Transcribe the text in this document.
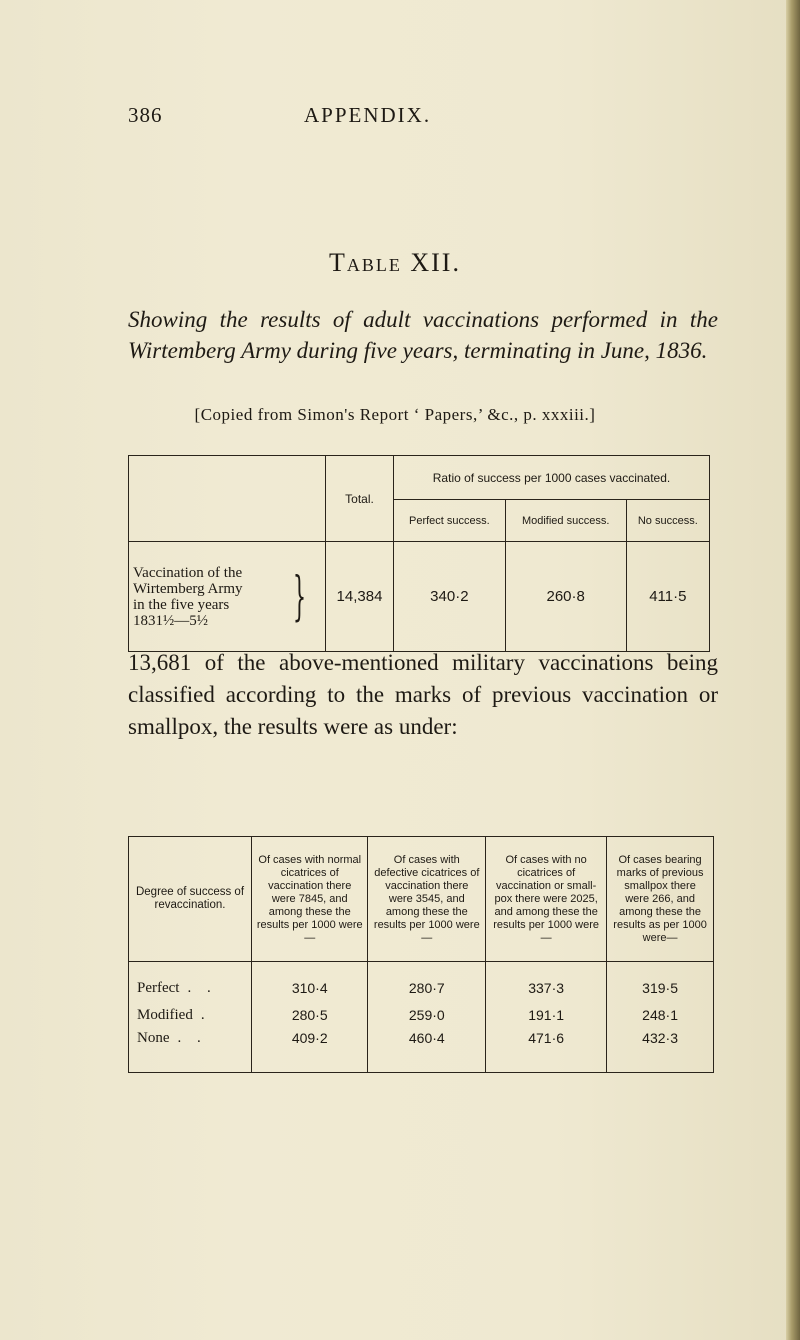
386	APPENDIX.
Table XII.
Showing the results of adult vaccinations performed in the Wirtemberg Army during five years, terminating in June, 1836.
[Copied from Simon's Report ‘ Papers,’ &c., p. xxxiii.]
	Total.	Ratio of success per 1000 cases vaccinated.		
		Perfect success.	Modified success.	No success.
Vaccination of the
Wirtemberg Army
in the five years
1831½—5½ }	14,384	340·2	260·8	411·5
13,681 of the above-mentioned military vaccinations being classified according to the marks of previous vaccination or smallpox, the results were as under:
Degree of success of revaccination.	Of cases with normal cicatrices of vaccination there were 7845, and among these the results per 1000 were—	Of cases with defective cicatrices of vaccination there were 3545, and among these the results per 1000 were—	Of cases with no cicatrices of vaccination or small-pox there were 2025, and among these the results per 1000 were—	Of cases bearing marks of previous smallpox there were 266, and among these the results as per 1000 were—
Perfect . .	310·4	280·7	337·3	319·5
Modified .	280·5	259·0	191·1	248·1
None . .	409·2	460·4	471·6	432·3
